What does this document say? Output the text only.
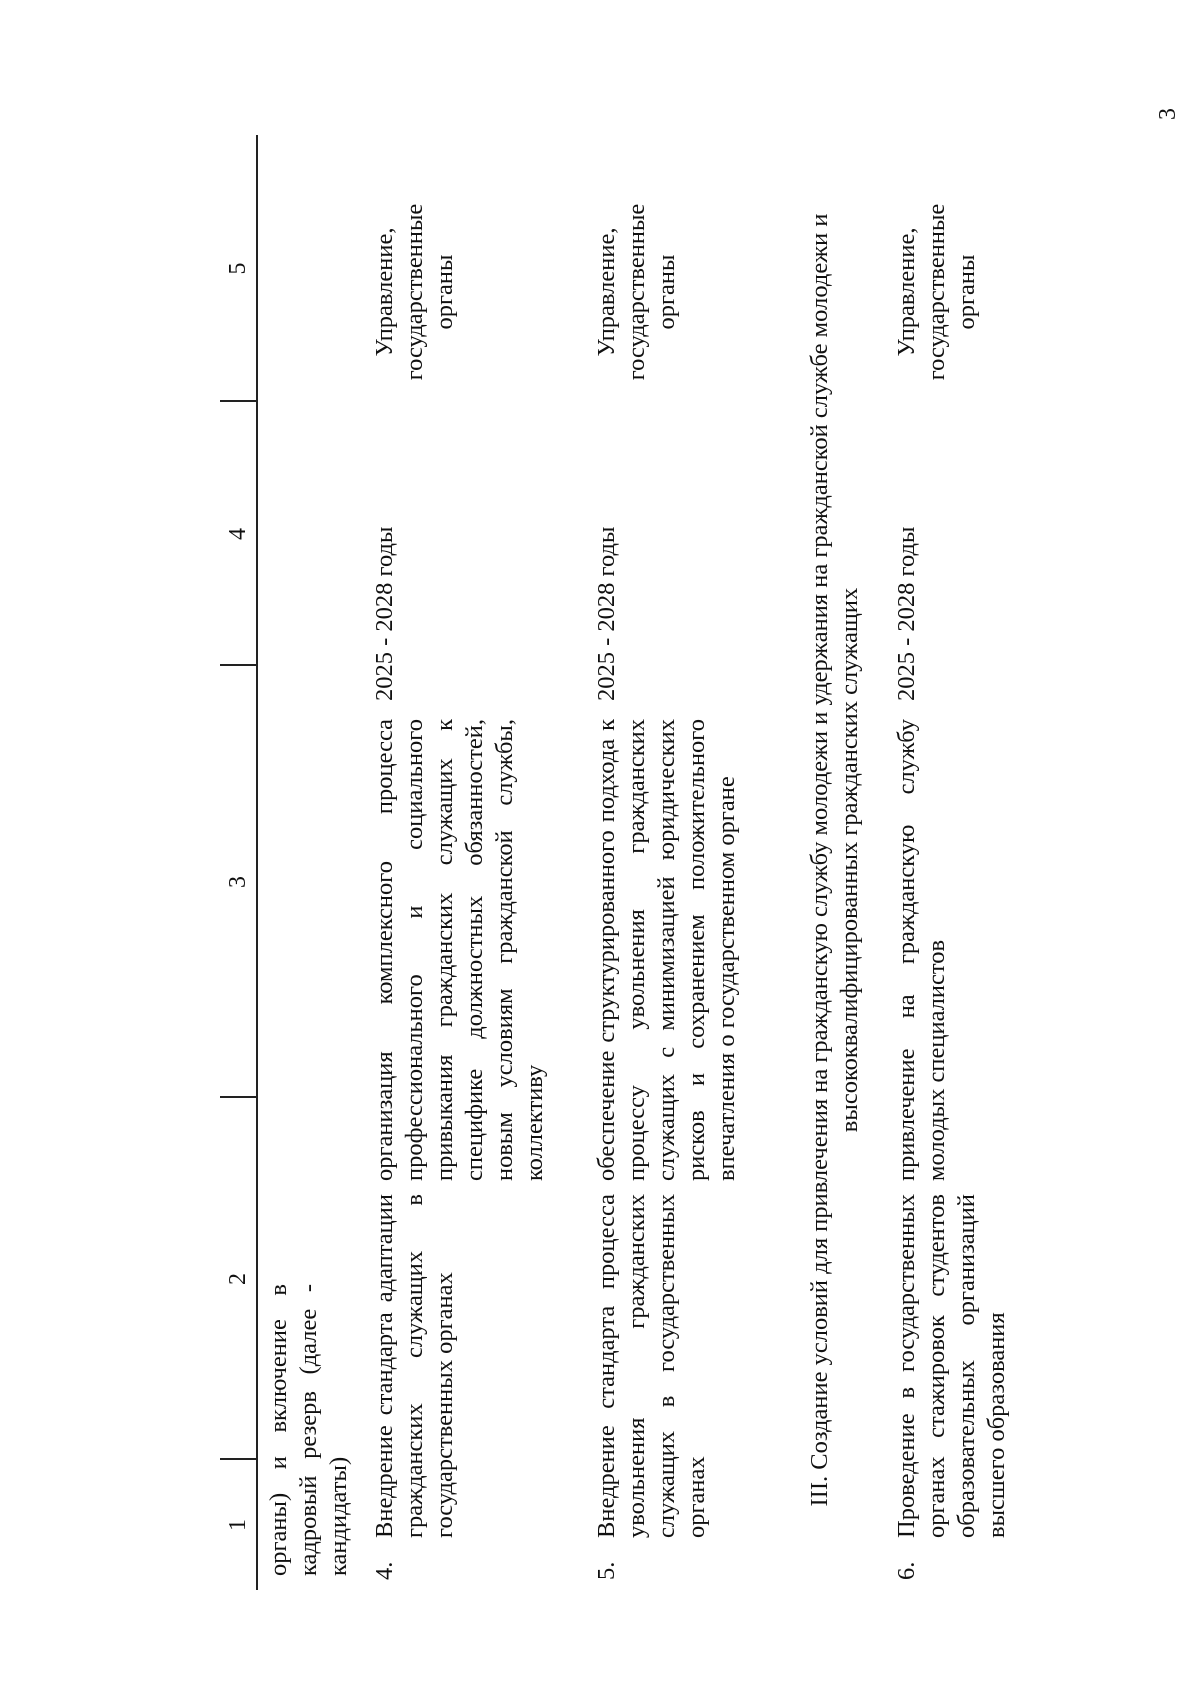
3
1
2
3
4
5
органы) и включение в кадровый резерв (далее - кандидаты) 4.
Внедрение стандарта адаптации гражданских служащих в государственных органах
организация комплексного процесса профессионального и социального привыкания гражданских служащих к специфике должностных обязанностей, новым условиям гражданской службы, коллективу
2025 - 2028 годы
Управление, государственные органы
5.
Внедрение стандарта процесса увольнения гражданских служащих в государственных органах
обеспечение структурированного подхода к процессу увольнения гражданских служащих с минимизацией юридических рисков и сохранением положительного впечатления о государственном органе
2025 - 2028 годы
Управление, государственные органы	III. Создание условий для привлечения на гражданскую службу молодежи и удержания на гражданской службе молодежи и высококвалифицированных гражданских служащих
6.
Проведение в государственных органах стажировок студентов образовательных организаций высшего образования
привлечение на гражданскую службу молодых специалистов
2025 - 2028 годы
Управление, государственные органы
